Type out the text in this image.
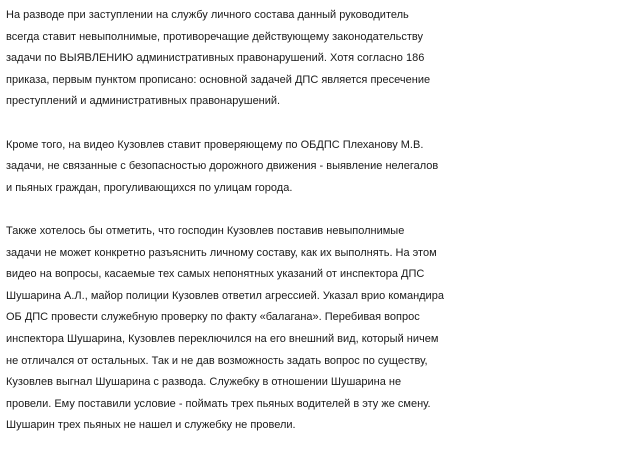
На разводе при заступлении на службу личного состава данный руководитель
всегда ставит невыполнимые, противоречащие действующему законодательству
задачи по ВЫЯВЛЕНИЮ административных правонарушений. Хотя согласно 186
приказа, первым пунктом прописано: основной задачей ДПС является пресечение
преступлений и административных правонарушений.

Кроме того, на видео Кузовлев ставит проверяющему по ОБДПС Плеханову М.В.
задачи, не связанные с безопасностью дорожного движения - выявление нелегалов
и пьяных граждан, прогуливающихся по улицам города.

Также хотелось бы отметить, что господин Кузовлев поставив невыполнимые
задачи не может конкретно разъяснить личному составу, как их выполнять. На этом
видео на вопросы, касаемые тех самых непонятных указаний от инспектора ДПС
Шушарина А.Л., майор полиции Кузовлев ответил агрессией. Указал врио командира
ОБ ДПС провести служебную проверку по факту «балагана». Перебивая вопрос
инспектора Шушарина, Кузовлев переключился на его внешний вид, который ничем
не отличался от остальных. Так и не дав возможность задать вопрос по существу,
Кузовлев выгнал Шушарина с развода. Служебку в отношении Шушарина не
провели. Ему поставили условие - поймать трех пьяных водителей в эту же смену.
Шушарин трех пьяных не нашел и служебку не провели.
